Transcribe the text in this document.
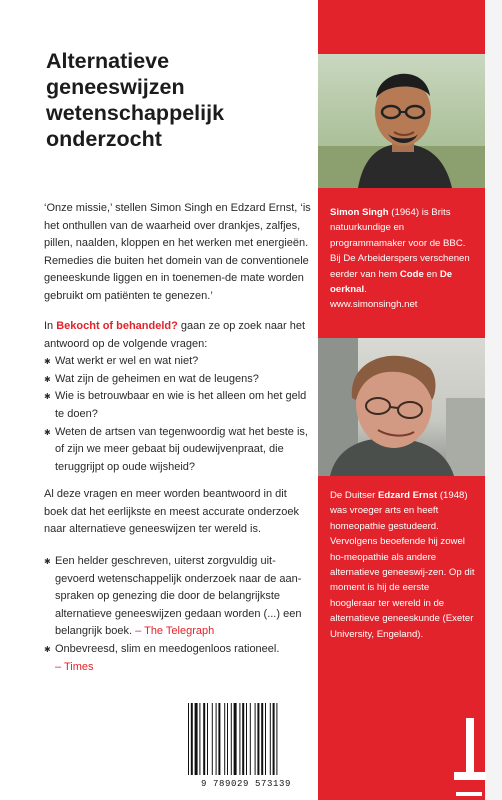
Alternatieve
geneeswijzen
wetenschappelijk
onderzocht

‘Onze missie,’ stellen Simon Singh en Edzard Ernst, ‘is het onthullen van de waarheid over drankjes, zalfjes, pillen, naalden, kloppen en het werken met energieën. Remedies die buiten het domein van de conventionele geneeskunde liggen en in toenemen-de mate worden gebruikt om patiënten te genezen.’

In Bekocht of behandeld? gaan ze op zoek naar het antwoord op de volgende vragen:

✱ Wat werkt er wel en wat niet?
✱ Wat zijn de geheimen en wat de leugens?
✱ Wie is betrouwbaar en wie is het alleen om het geld te doen?
✱ Weten de artsen van tegenwoordig wat het beste is, of zijn we meer gebaat bij oudewijvenpraat, die teruggrijpt op oude wijsheid?

Al deze vragen en meer worden beantwoord in dit boek dat het eerlijkste en meest accurate onderzoek naar alternatieve geneeswijzen ter wereld is.

✱ Een helder geschreven, uiterst zorgvuldig uit-gevoerd wetenschappelijk onderzoek naar de aan-spraken op genezing die door de belangrijkste alternatieve geneeswijzen gedaan worden (...) een belangrijk boek. – The Telegraph
✱ Onbevreesd, slim en meedogenloos rationeel.
– Times

Simon Singh (1964) is Brits natuurkundige en programmamaker voor de BBC. Bij De Arbeiderspers verschenen eerder van hem Code en De oerknal.

www.simonsingh.net

De Duitser Edzard Ernst (1948) was vroeger arts en heeft homeopathie gestudeerd. Vervolgens beoefende hij zowel ho-meopathie als andere alternatieve geneeswij-zen. Op dit moment is hij de eerste hoogleraar ter wereld in de alternatieve geneeskunde (Exeter University, Engeland).

9 789029 573139
